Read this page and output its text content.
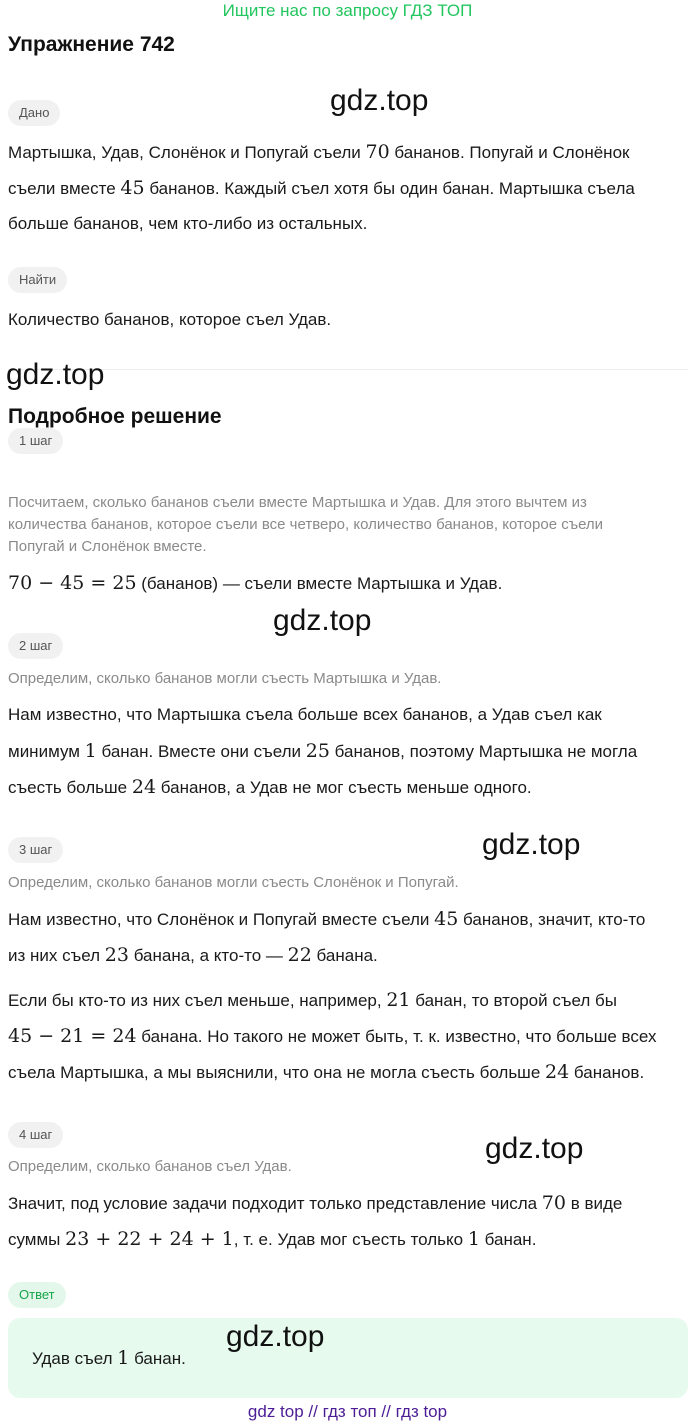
Ищите нас по запросу ГДЗ ТОП
Упражнение 742
gdz.top
Дано
Мартышка, Удав, Слонёнок и Попугай съели 70 бананов. Попугай и Слонёнок
съели вместе 45 бананов. Каждый съел хотя бы один банан. Мартышка съела
больше бананов, чем кто-либо из остальных.
Найти
Количество бананов, которое съел Удав.
gdz.top
Подробное решение
1 шаг
Посчитаем, сколько бананов съели вместе Мартышка и Удав. Для этого вычтем из
количества бананов, которое съели все четверо, количество бананов, которое съели
Попугай и Слонёнок вместе.
70 − 45 = 25 (бананов) — съели вместе Мартышка и Удав.
gdz.top
2 шаг
Определим, сколько бананов могли съесть Мартышка и Удав.
Нам известно, что Мартышка съела больше всех бананов, а Удав съел как
минимум 1 банан. Вместе они съели 25 бананов, поэтому Мартышка не могла
съесть больше 24 бананов, а Удав не мог съесть меньше одного.
gdz.top
3 шаг
Определим, сколько бананов могли съесть Слонёнок и Попугай.
Нам известно, что Слонёнок и Попугай вместе съели 45 бананов, значит, кто-то
из них съел 23 банана, а кто-то — 22 банана.
Если бы кто-то из них съел меньше, например, 21 банан, то второй съел бы
45 − 21 = 24 банана. Но такого не может быть, т. к. известно, что больше всех
съела Мартышка, а мы выяснили, что она не могла съесть больше 24 бананов.
gdz.top
4 шаг
Определим, сколько бананов съел Удав.
Значит, под условие задачи подходит только представление числа 70 в виде
суммы 23 + 22 + 24 + 1, т. е. Удав мог съесть только 1 банан.
Ответ
Удав съел 1 банан.
gdz.top
gdz top // гдз топ // гдз top
